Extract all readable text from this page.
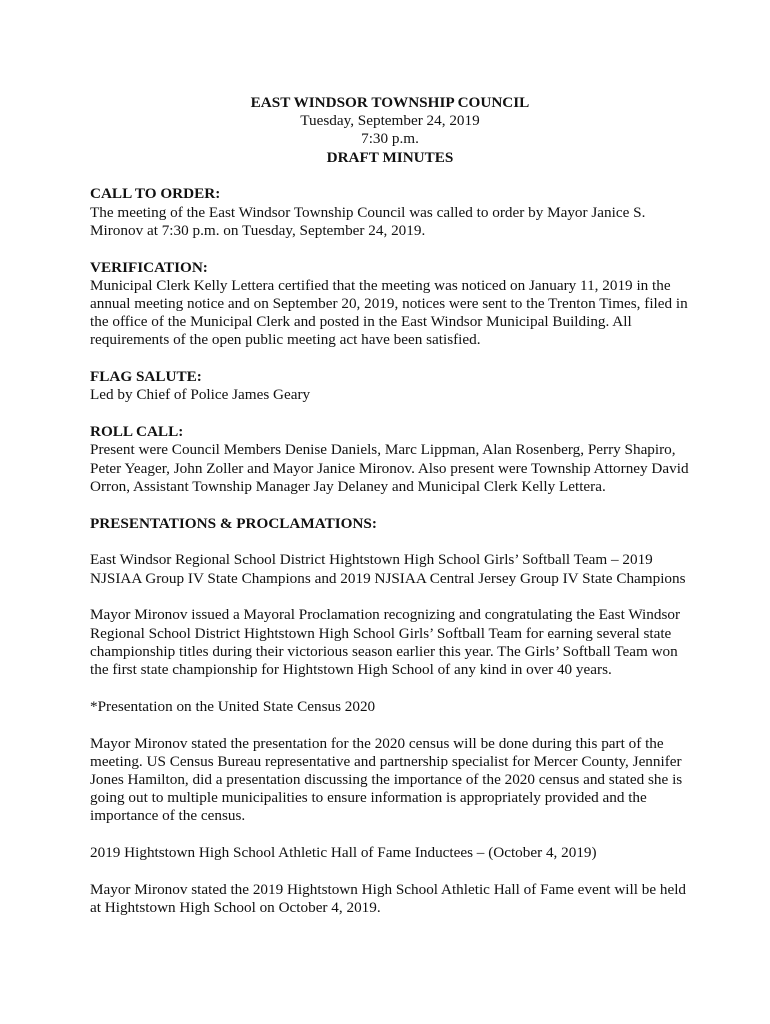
EAST WINDSOR TOWNSHIP COUNCIL
Tuesday, September 24, 2019
7:30 p.m.
DRAFT MINUTES

CALL TO ORDER:

The meeting of the East Windsor Township Council was called to order by Mayor Janice S. Mironov at 7:30 p.m. on Tuesday, September 24, 2019.

VERIFICATION:

Municipal Clerk Kelly Lettera certified that the meeting was noticed on January 11, 2019 in the annual meeting notice and on September 20, 2019, notices were sent to the Trenton Times, filed in the office of the Municipal Clerk and posted in the East Windsor Municipal Building. All requirements of the open public meeting act have been satisfied.

FLAG SALUTE:

Led by Chief of Police James Geary

ROLL CALL:

Present were Council Members Denise Daniels, Marc Lippman, Alan Rosenberg, Perry Shapiro, Peter Yeager, John Zoller and Mayor Janice Mironov. Also present were Township Attorney David Orron, Assistant Township Manager Jay Delaney and Municipal Clerk Kelly Lettera.

PRESENTATIONS & PROCLAMATIONS:

East Windsor Regional School District Hightstown High School Girls’ Softball Team – 2019 NJSIAA Group IV State Champions and 2019 NJSIAA Central Jersey Group IV State Champions

Mayor Mironov issued a Mayoral Proclamation recognizing and congratulating the East Windsor Regional School District Hightstown High School Girls’ Softball Team for earning several state championship titles during their victorious season earlier this year. The Girls’ Softball Team won the first state championship for Hightstown High School of any kind in over 40 years.

*Presentation on the United State Census 2020

Mayor Mironov stated the presentation for the 2020 census will be done during this part of the meeting. US Census Bureau representative and partnership specialist for Mercer County, Jennifer Jones Hamilton, did a presentation discussing the importance of the 2020 census and stated she is going out to multiple municipalities to ensure information is appropriately provided and the importance of the census.

2019 Hightstown High School Athletic Hall of Fame Inductees – (October 4, 2019)

Mayor Mironov stated the 2019 Hightstown High School Athletic Hall of Fame event will be held at Hightstown High School on October 4, 2019.
